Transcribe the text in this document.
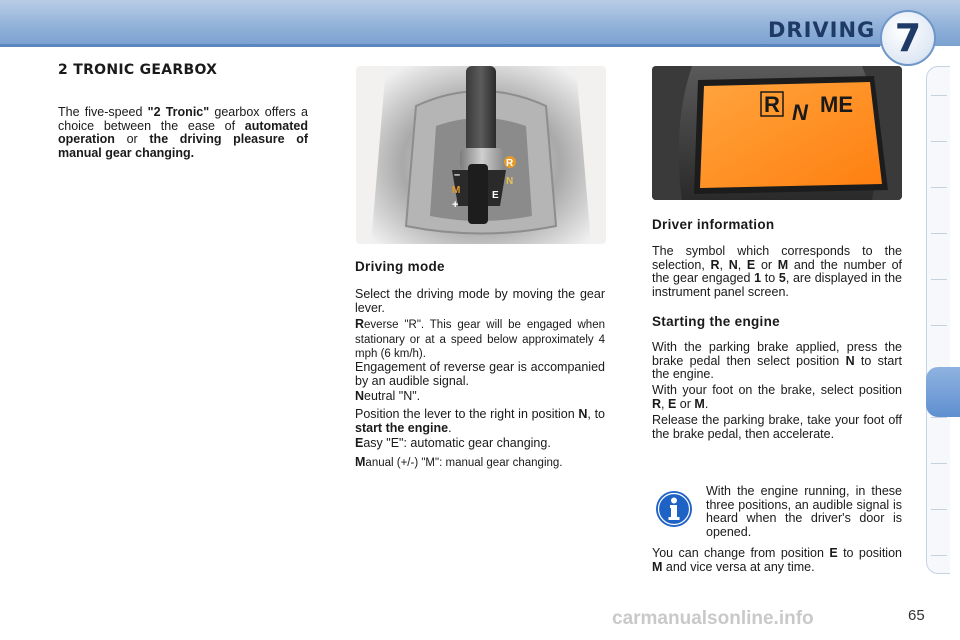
DRIVING 7
2 TRONIC GEARBOX
The five-speed "2 Tronic" gearbox offers a choice between the ease of automated operation or the driving pleasure of manual gear changing.
R
N
E
M
–
+
Driving mode
Select the driving mode by moving the gear lever.
Reverse "R". This gear will be engaged when stationary or at a speed below approximately 4 mph (6 km/h).
Engagement of reverse gear is accompanied by an audible signal.
Neutral "N".
Position the lever to the right in position N, to start the engine.
Easy "E": automatic gear changing.
Manual (+/-) "M": manual gear changing.
R N ME
Driver information
The symbol which corresponds to the selection, R, N, E or M and the number of the gear engaged 1 to 5, are displayed in the instrument panel screen.
Starting the engine
With the parking brake applied, press the brake pedal then select position N to start the engine.
With your foot on the brake, select position R, E or M.
Release the parking brake, take your foot off the brake pedal, then accelerate.
With the engine running, in these three positions, an audible signal is heard when the driver's door is opened.
You can change from position E to position M and vice versa at any time.
carmanualsonline.info	65
